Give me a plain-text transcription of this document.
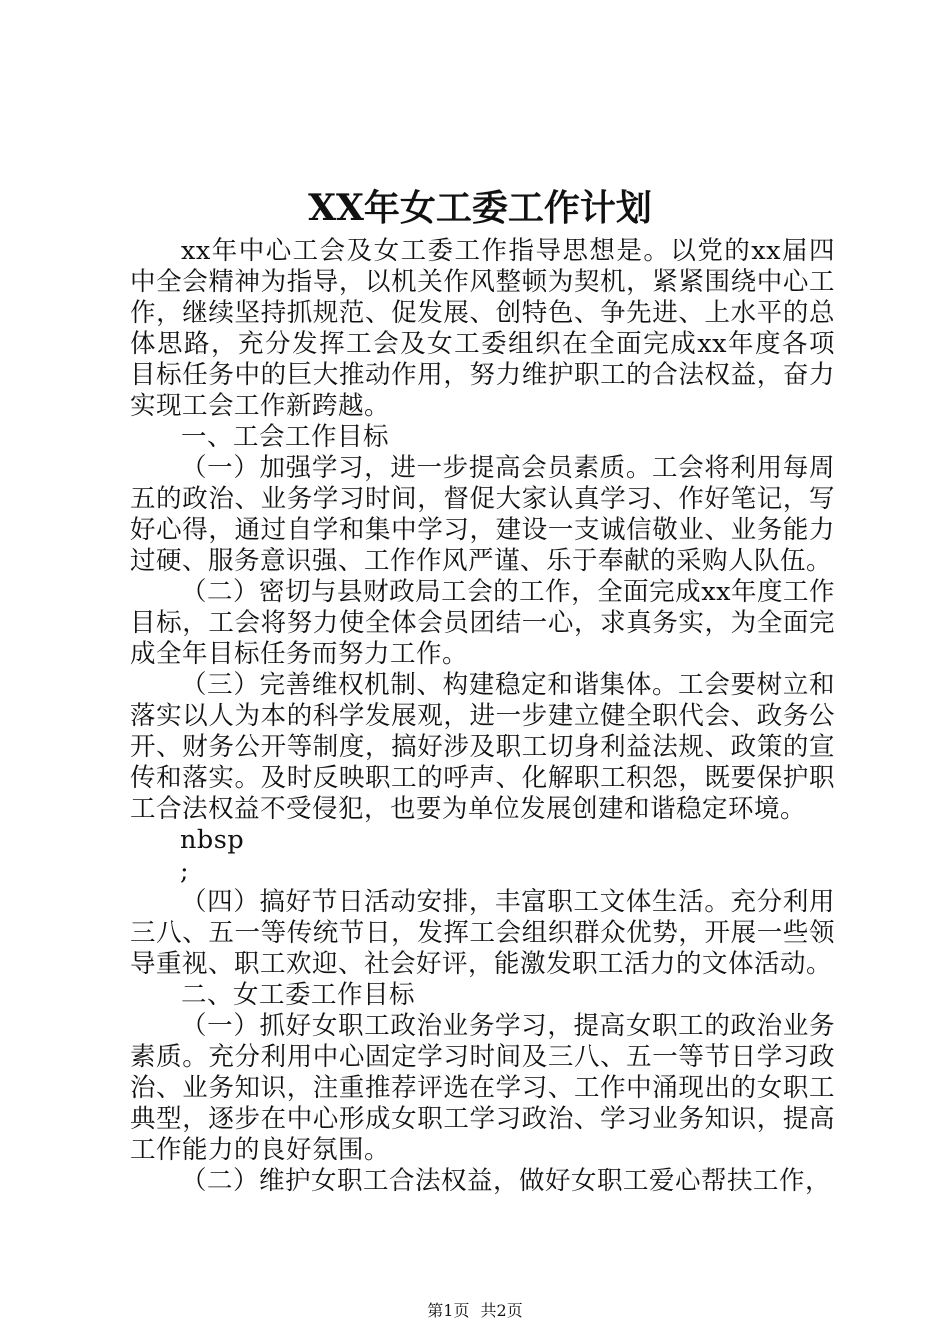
XX年女工委工作计划

xx年中心工会及女工委工作指导思想是。以党的xx届四中全会精神为指导，以机关作风整顿为契机，紧紧围绕中心工作，继续坚持抓规范、促发展、创特色、争先进、上水平的总体思路，充分发挥工会及女工委组织在全面完成xx年度各项目标任务中的巨大推动作用，努力维护职工的合法权益，奋力实现工会工作新跨越。

一、工会工作目标

（一）加强学习，进一步提高会员素质。工会将利用每周五的政治、业务学习时间，督促大家认真学习、作好笔记，写好心得，通过自学和集中学习，建设一支诚信敬业、业务能力过硬、服务意识强、工作作风严谨、乐于奉献的采购人队伍。

（二）密切与县财政局工会的工作，全面完成xx年度工作目标，工会将努力使全体会员团结一心，求真务实，为全面完成全年目标任务而努力工作。

（三）完善维权机制、构建稳定和谐集体。工会要树立和落实以人为本的科学发展观，进一步建立健全职代会、政务公开、财务公开等制度，搞好涉及职工切身利益法规、政策的宣传和落实。及时反映职工的呼声、化解职工积怨，既要保护职工合法权益不受侵犯，也要为单位发展创建和谐稳定环境。

nbsp

;

（四）搞好节日活动安排，丰富职工文体生活。充分利用三八、五一等传统节日，发挥工会组织群众优势，开展一些领导重视、职工欢迎、社会好评，能激发职工活力的文体活动。

二、女工委工作目标

（一）抓好女职工政治业务学习，提高女职工的政治业务素质。充分利用中心固定学习时间及三八、五一等节日学习政治、业务知识，注重推荐评选在学习、工作中涌现出的女职工典型，逐步在中心形成女职工学习政治、学习业务知识，提高工作能力的良好氛围。

（二）维护女职工合法权益，做好女职工爱心帮扶工作，

第1页 共2页
